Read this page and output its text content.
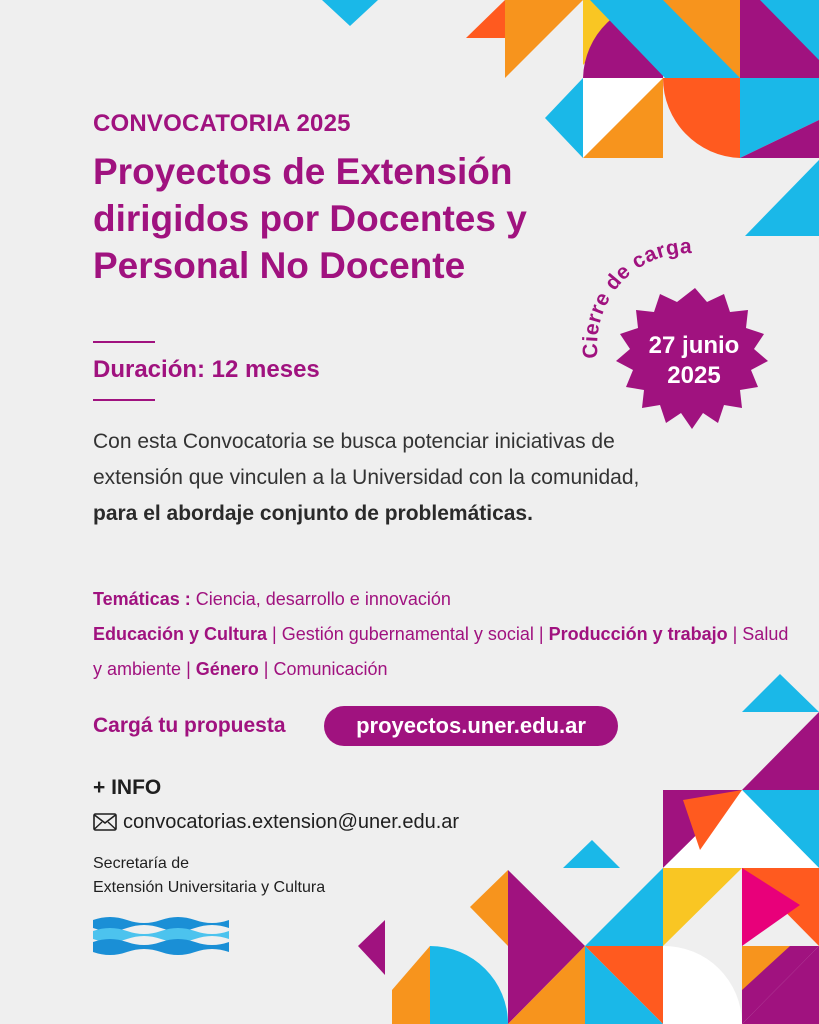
CONVOCATORIA 2025
Proyectos de Extensión dirigidos por Docentes y Personal No Docente
Duración: 12 meses
Cierre de carga
27 junio
2025
Con esta Convocatoria se busca potenciar iniciativas de extensión que vinculen a la Universidad con la comunidad, para el abordaje conjunto de problemáticas.
Temáticas : Ciencia, desarrollo e innovación
Educación y Cultura | Gestión gubernamental y social | Producción y trabajo | Salud y ambiente | Género | Comunicación
Cargá tu propuesta	proyectos.uner.edu.ar
+ INFO
convocatorias.extension@uner.edu.ar
Secretaría de
Extensión Universitaria y Cultura
